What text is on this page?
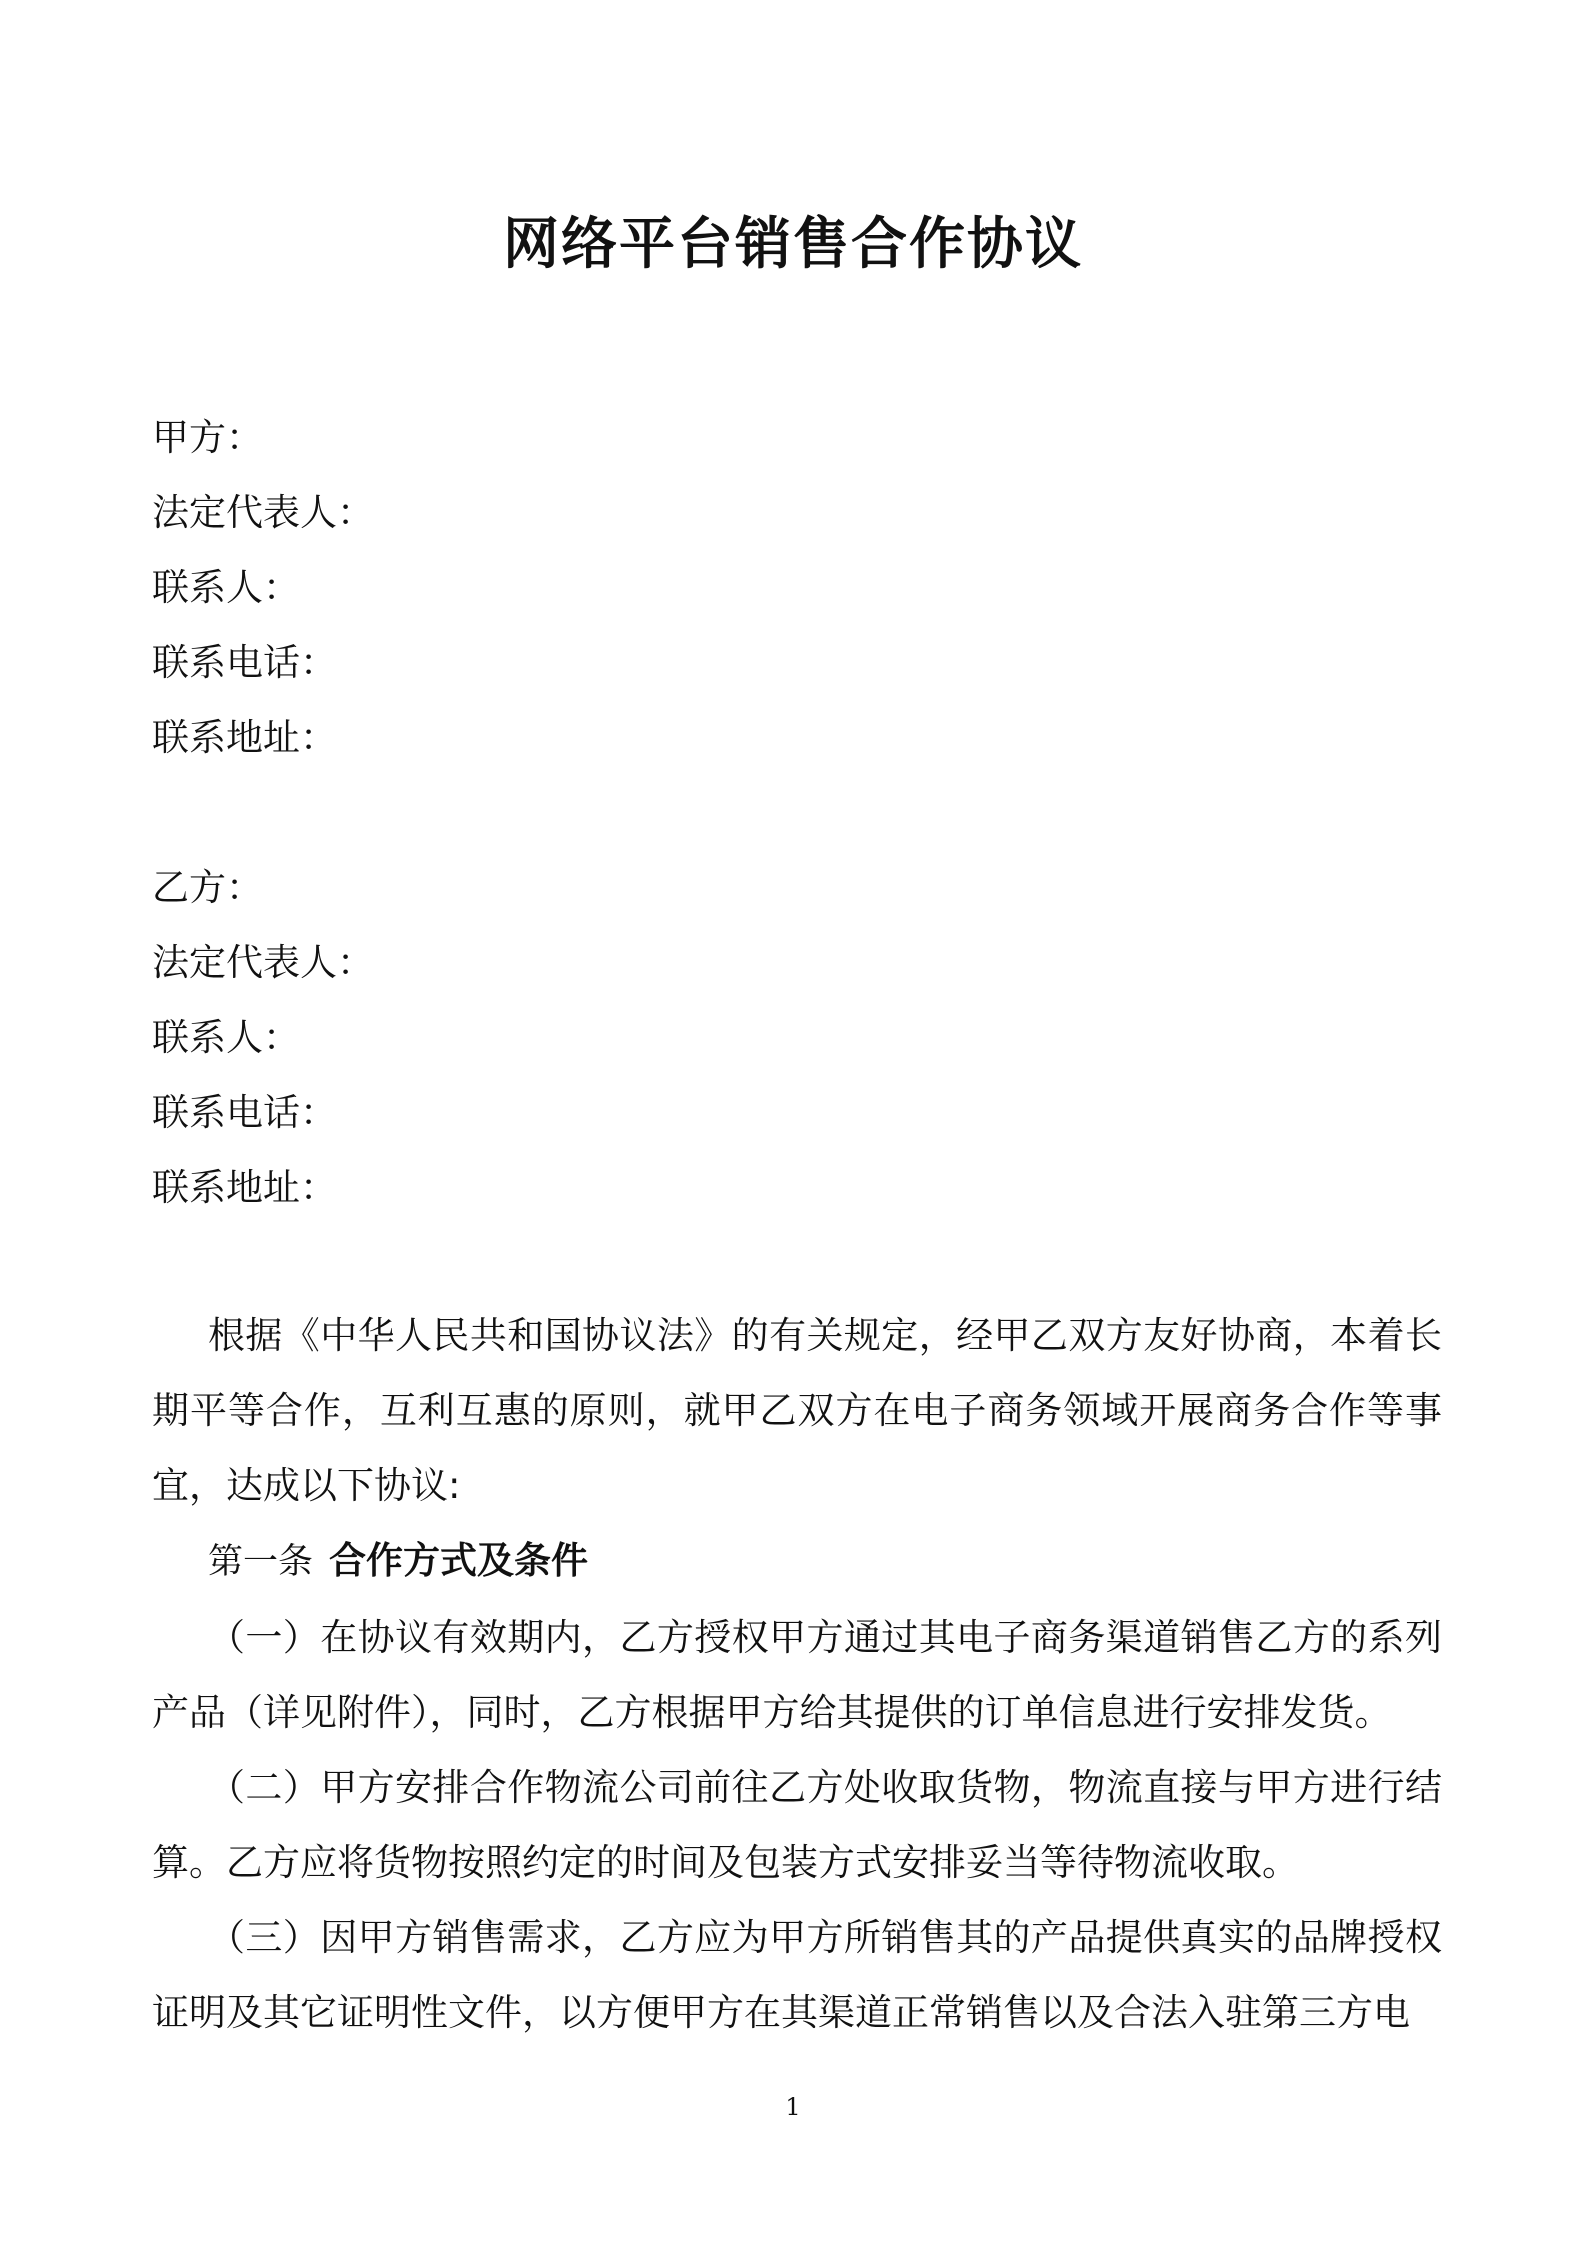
网络平台销售合作协议
甲方：
法定代表人：
联系人：
联系电话：
联系地址：
乙方：
法定代表人：
联系人：
联系电话：
联系地址：

根据《中华人民共和国协议法》的有关规定，经甲乙双方友好协商，本着长期平等合作，互利互惠的原则，就甲乙双方在电子商务领域开展商务合作等事宜，达成以下协议:

第一条 合作方式及条件

（一）在协议有效期内，乙方授权甲方通过其电子商务渠道销售乙方的系列产品（详见附件），同时，乙方根据甲方给其提供的订单信息进行安排发货。

（二）甲方安排合作物流公司前往乙方处收取货物，物流直接与甲方进行结算。乙方应将货物按照约定的时间及包装方式安排妥当等待物流收取。

（三）因甲方销售需求，乙方应为甲方所销售其的产品提供真实的品牌授权证明及其它证明性文件，以方便甲方在其渠道正常销售以及合法入驻第三方电

1
